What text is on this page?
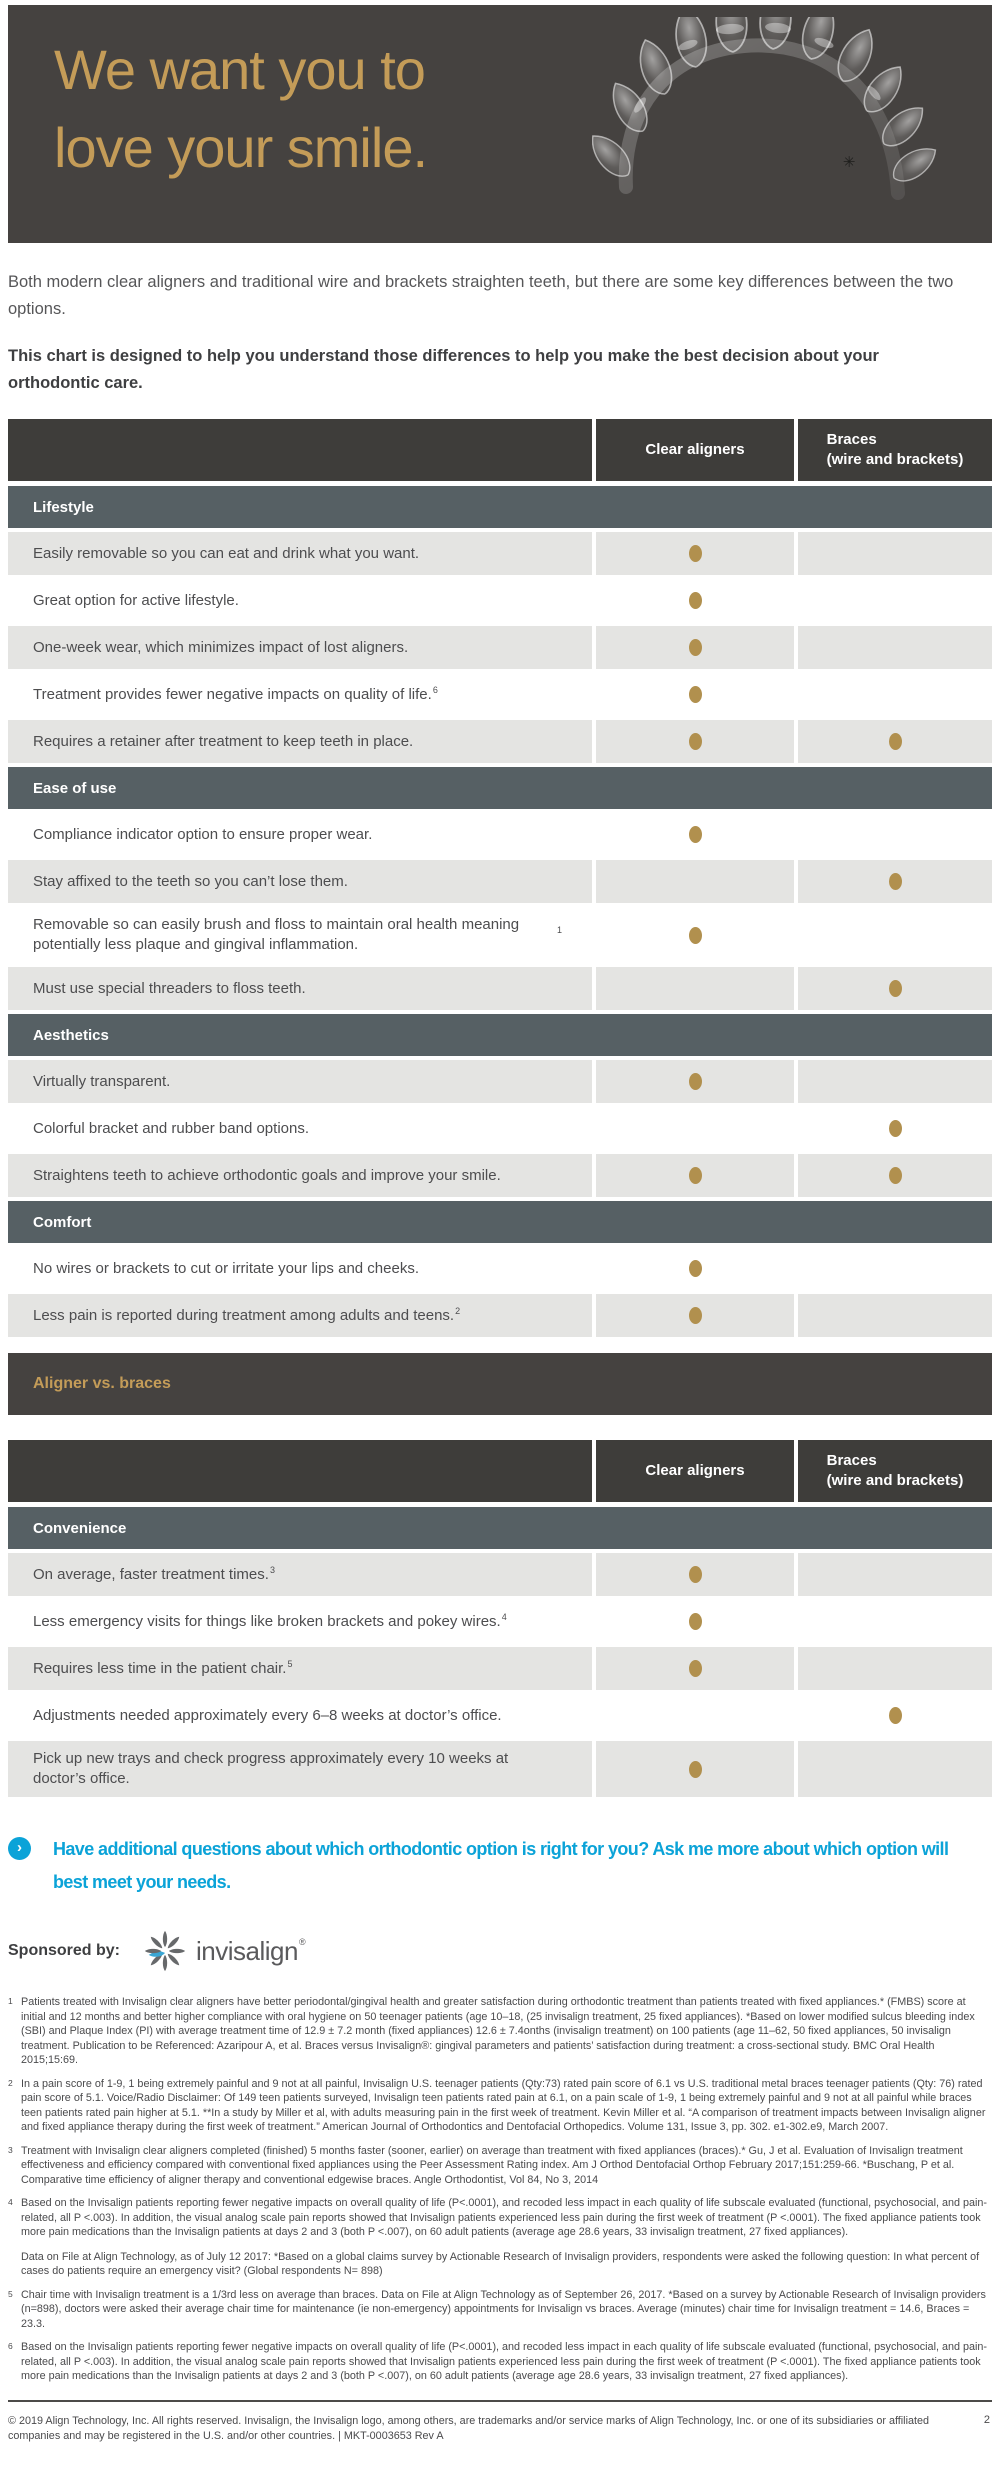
We want you to
love your smile.	✳

Both modern clear aligners and traditional wire and brackets straighten teeth, but there are some key differences between the two options.

This chart is designed to help you understand those differences to help you make the best decision about your orthodontic care.

Clear aligners
Braces
(wire and brackets)
Lifestyle
Easily removable so you can eat and drink what you want.
Great option for active lifestyle.
One-week wear, which minimizes impact of lost aligners.
Treatment provides fewer negative impacts on quality of life. 6
Requires a retainer after treatment to keep teeth in place.
Ease of use
Compliance indicator option to ensure proper wear.
Stay affixed to the teeth so you can’t lose them.
Removable so can easily brush and floss to maintain oral health meaning potentially less plaque and gingival inflammation.
1
Must use special threaders to floss teeth.
Aesthetics
Virtually transparent.
Colorful bracket and rubber band options.
Straightens teeth to achieve orthodontic goals and improve your smile.
Comfort
No wires or brackets to cut or irritate your lips and cheeks.
Less pain is reported during treatment among adults and teens. 2
Aligner vs. braces
Clear aligners
Braces
(wire and brackets)
Convenience
On average, faster treatment times. 3
Less emergency visits for things like broken brackets and pokey wires. 4
Requires less time in the patient chair. 5
Adjustments needed approximately every 6–8 weeks at doctor’s office.
Pick up new trays and check progress approximately every 10 weeks at doctor’s office.
› Have additional questions about which orthodontic option is right for you? Ask me more about which option will best meet your needs.
Sponsored by:	invisalign ®
1 Patients treated with Invisalign clear aligners have better periodontal/gingival health and greater satisfaction during orthodontic treatment than patients treated with fixed appliances.* (FMBS) score at initial and 12 months and better higher compliance with oral hygiene on 50 teenager patients (age 10–18, (25 invisalign treatment, 25 fixed appliances). *Based on lower modified sulcus bleeding index (SBI) and Plaque Index (PI) with average treatment time of 12.9 ± 7.2 month (fixed appliances) 12.6 ± 7.4onths (invisalign treatment) on 100 patients (age 11–62, 50 fixed appliances, 50 invisalign treatment. Publication to be Referenced: Azaripour A, et al. Braces versus Invisalign®: gingival parameters and patients’ satisfaction during treatment: a cross-sectional study. BMC Oral Health 2015;15:69.

2 In a pain score of 1-9, 1 being extremely painful and 9 not at all painful, Invisalign U.S. teenager patients (Qty:73) rated pain score of 6.1 vs U.S. traditional metal braces teenager patients (Qty: 76) rated pain score of 5.1. Voice/Radio Disclaimer: Of 149 teen patients surveyed, Invisalign teen patients rated pain at 6.1, on a pain scale of 1-9, 1 being extremely painful and 9 not at all painful while braces teen patients rated pain higher at 5.1. **In a study by Miller et al, with adults measuring pain in the first week of treatment. Kevin Miller et al. “A comparison of treatment impacts between Invisalign aligner and fixed appliance therapy during the first week of treatment.” American Journal of Orthodontics and Dentofacial Orthopedics. Volume 131, Issue 3, pp. 302. e1-302.e9, March 2007.

3 Treatment with Invisalign clear aligners completed (finished) 5 months faster (sooner, earlier) on average than treatment with fixed appliances (braces).* Gu, J et al. Evaluation of Invisalign treatment effectiveness and efficiency compared with conventional fixed appliances using the Peer Assessment Rating index. Am J Orthod Dentofacial Orthop February 2017;151:259-66. *Buschang, P et al. Comparative time efficiency of aligner therapy and conventional edgewise braces. Angle Orthodontist, Vol 84, No 3, 2014

4 Based on the Invisalign patients reporting fewer negative impacts on overall quality of life (P<.0001), and recoded less impact in each quality of life subscale evaluated (functional, psychosocial, and pain-related, all P <.003). In addition, the visual analog scale pain reports showed that Invisalign patients experienced less pain during the first week of treatment (P <.0001). The fixed appliance patients took more pain medications than the Invisalign patients at days 2 and 3 (both P <.007), on 60 adult patients (average age 28.6 years, 33 invisalign treatment, 27 fixed appliances).

Data on File at Align Technology, as of July 12 2017: *Based on a global claims survey by Actionable Research of Invisalign providers, respondents were asked the following question: In what percent of cases do patients require an emergency visit? (Global respondents N= 898)

5 Chair time with Invisalign treatment is a 1/3rd less on average than braces. Data on File at Align Technology as of September 26, 2017. *Based on a survey by Actionable Research of Invisalign providers (n=898), doctors were asked their average chair time for maintenance (ie non-emergency) appointments for Invisalign vs braces. Average (minutes) chair time for Invisalign treatment = 14.6, Braces = 23.3.

6 Based on the Invisalign patients reporting fewer negative impacts on overall quality of life (P<.0001), and recoded less impact in each quality of life subscale evaluated (functional, psychosocial, and pain-related, all P <.003). In addition, the visual analog scale pain reports showed that Invisalign patients experienced less pain during the first week of treatment (P <.0001). The fixed appliance patients took more pain medications than the Invisalign patients at days 2 and 3 (both P <.007), on 60 adult patients (average age 28.6 years, 33 invisalign treatment, 27 fixed appliances).

© 2019 Align Technology, Inc. All rights reserved. Invisalign, the Invisalign logo, among others, are trademarks and/or service marks of Align Technology, Inc. or one of its subsidiaries or affiliated companies and may be registered in the U.S. and/or other countries. | MKT-0003653 Rev A
2
